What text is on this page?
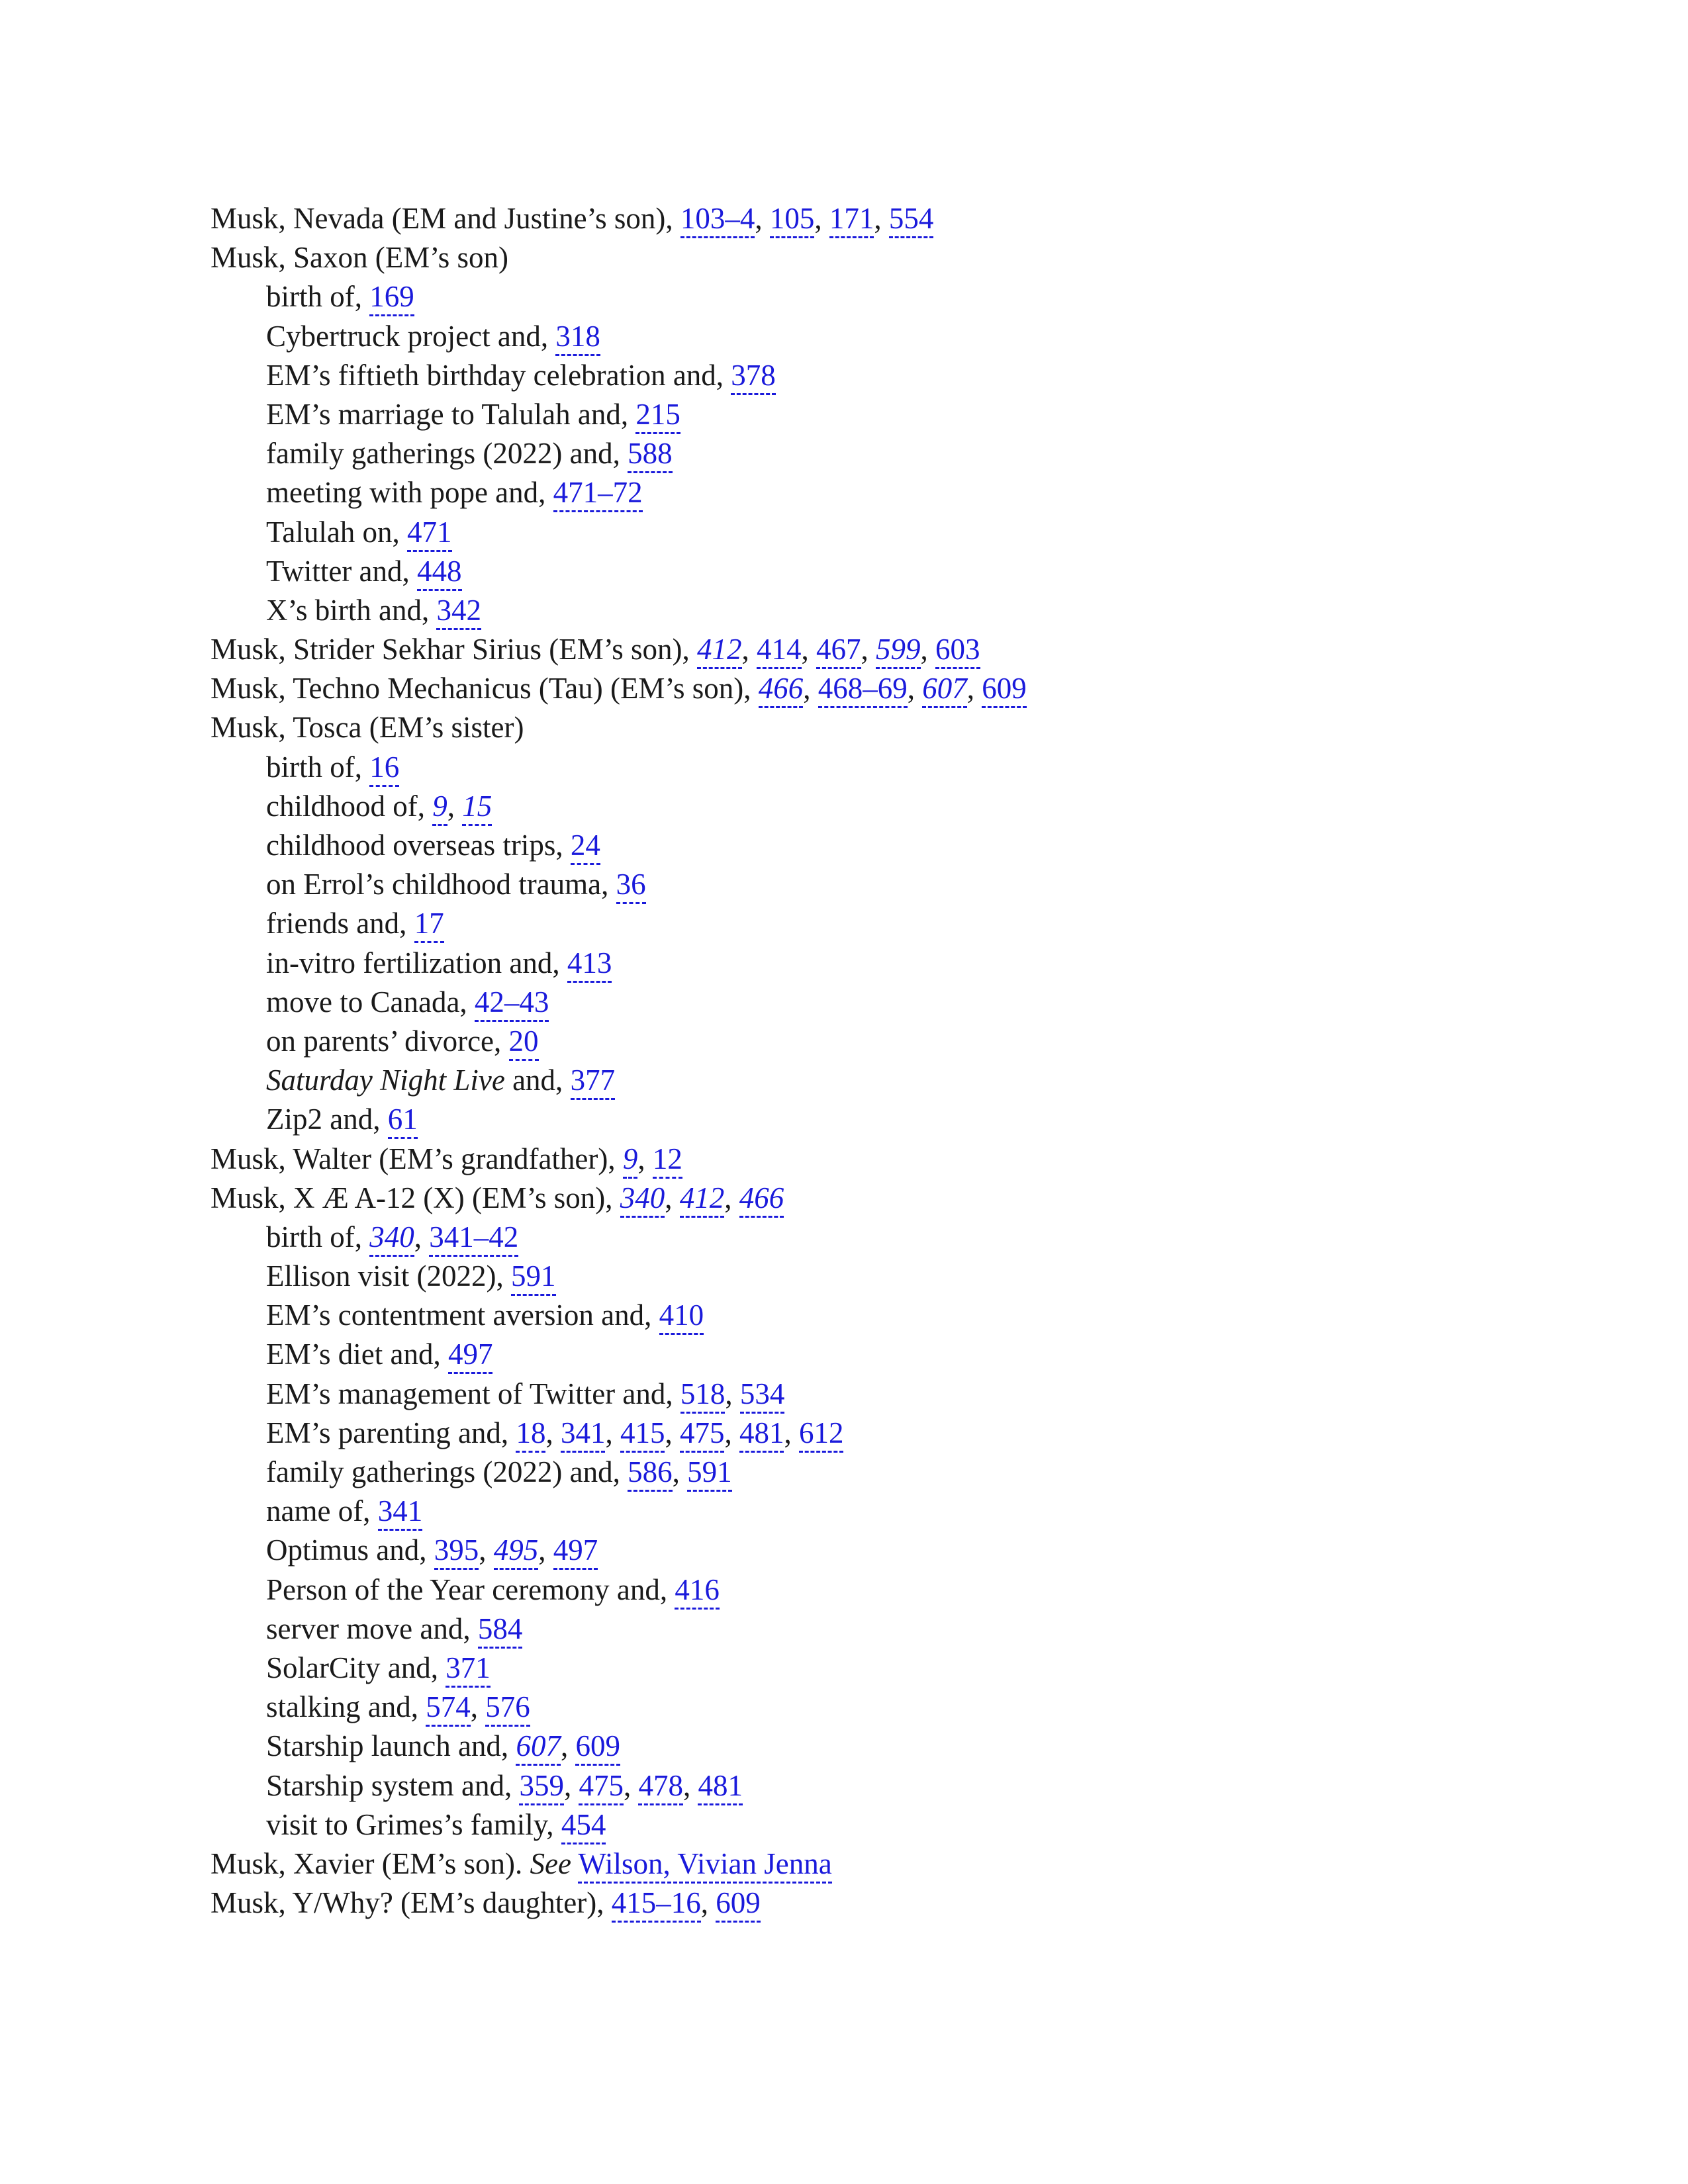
Musk, Nevada (EM and Justine’s son), 103–4, 105, 171, 554
Musk, Saxon (EM’s son)
birth of, 169
Cybertruck project and, 318
EM’s fiftieth birthday celebration and, 378
EM’s marriage to Talulah and, 215
family gatherings (2022) and, 588
meeting with pope and, 471–72
Talulah on, 471
Twitter and, 448
X’s birth and, 342
Musk, Strider Sekhar Sirius (EM’s son), 412, 414, 467, 599, 603
Musk, Techno Mechanicus (Tau) (EM’s son), 466, 468–69, 607, 609
Musk, Tosca (EM’s sister)
birth of, 16
childhood of, 9, 15
childhood overseas trips, 24
on Errol’s childhood trauma, 36
friends and, 17
in-vitro fertilization and, 413
move to Canada, 42–43
on parents’ divorce, 20
Saturday Night Live and, 377
Zip2 and, 61
Musk, Walter (EM’s grandfather), 9, 12
Musk, X Æ A-12 (X) (EM’s son), 340, 412, 466
birth of, 340, 341–42
Ellison visit (2022), 591
EM’s contentment aversion and, 410
EM’s diet and, 497
EM’s management of Twitter and, 518, 534
EM’s parenting and, 18, 341, 415, 475, 481, 612
family gatherings (2022) and, 586, 591
name of, 341
Optimus and, 395, 495, 497
Person of the Year ceremony and, 416
server move and, 584
SolarCity and, 371
stalking and, 574, 576
Starship launch and, 607, 609
Starship system and, 359, 475, 478, 481
visit to Grimes’s family, 454
Musk, Xavier (EM’s son). See Wilson, Vivian Jenna
Musk, Y/Why? (EM’s daughter), 415–16, 609
